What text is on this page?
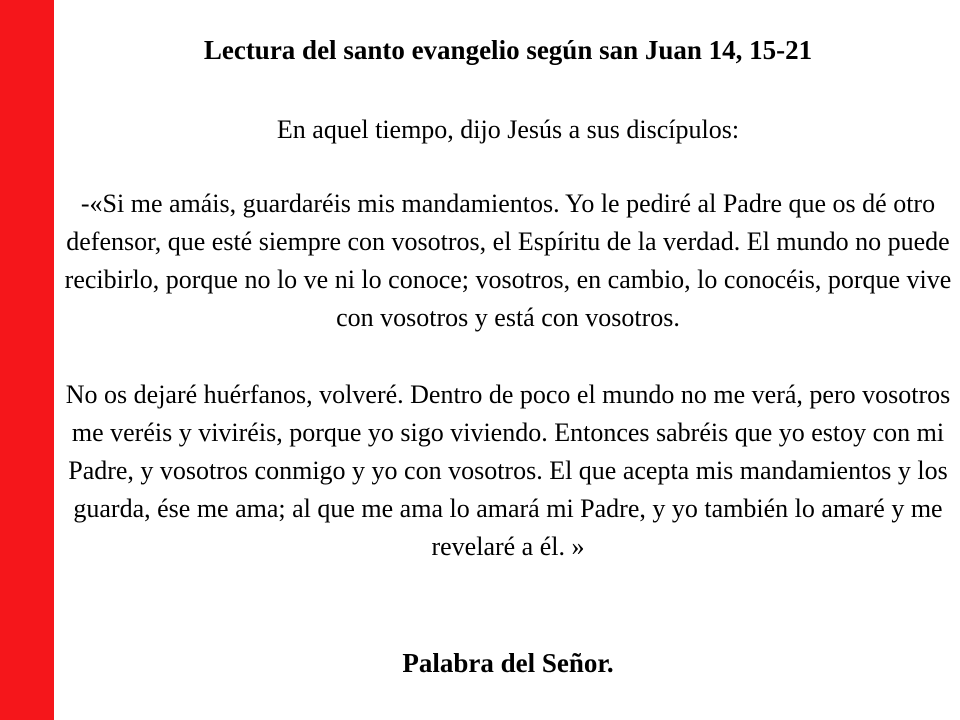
Lectura del santo evangelio según san Juan 14, 15-21

En aquel tiempo, dijo Jesús a sus discípulos:

-«Si me amáis, guardaréis mis mandamientos. Yo le pediré al Padre que os dé otro defensor, que esté siempre con vosotros, el Espíritu de la verdad. El mundo no puede recibirlo, porque no lo ve ni lo conoce; vosotros, en cambio, lo conocéis, porque vive con vosotros y está con vosotros.

No os dejaré huérfanos, volveré. Dentro de poco el mundo no me verá, pero vosotros me veréis y viviréis, porque yo sigo viviendo. Entonces sabréis que yo estoy con mi Padre, y vosotros conmigo y yo con vosotros. El que acepta mis mandamientos y los guarda, ése me ama; al que me ama lo amará mi Padre, y yo también lo amaré y me revelaré a él. »

Palabra del Señor.
